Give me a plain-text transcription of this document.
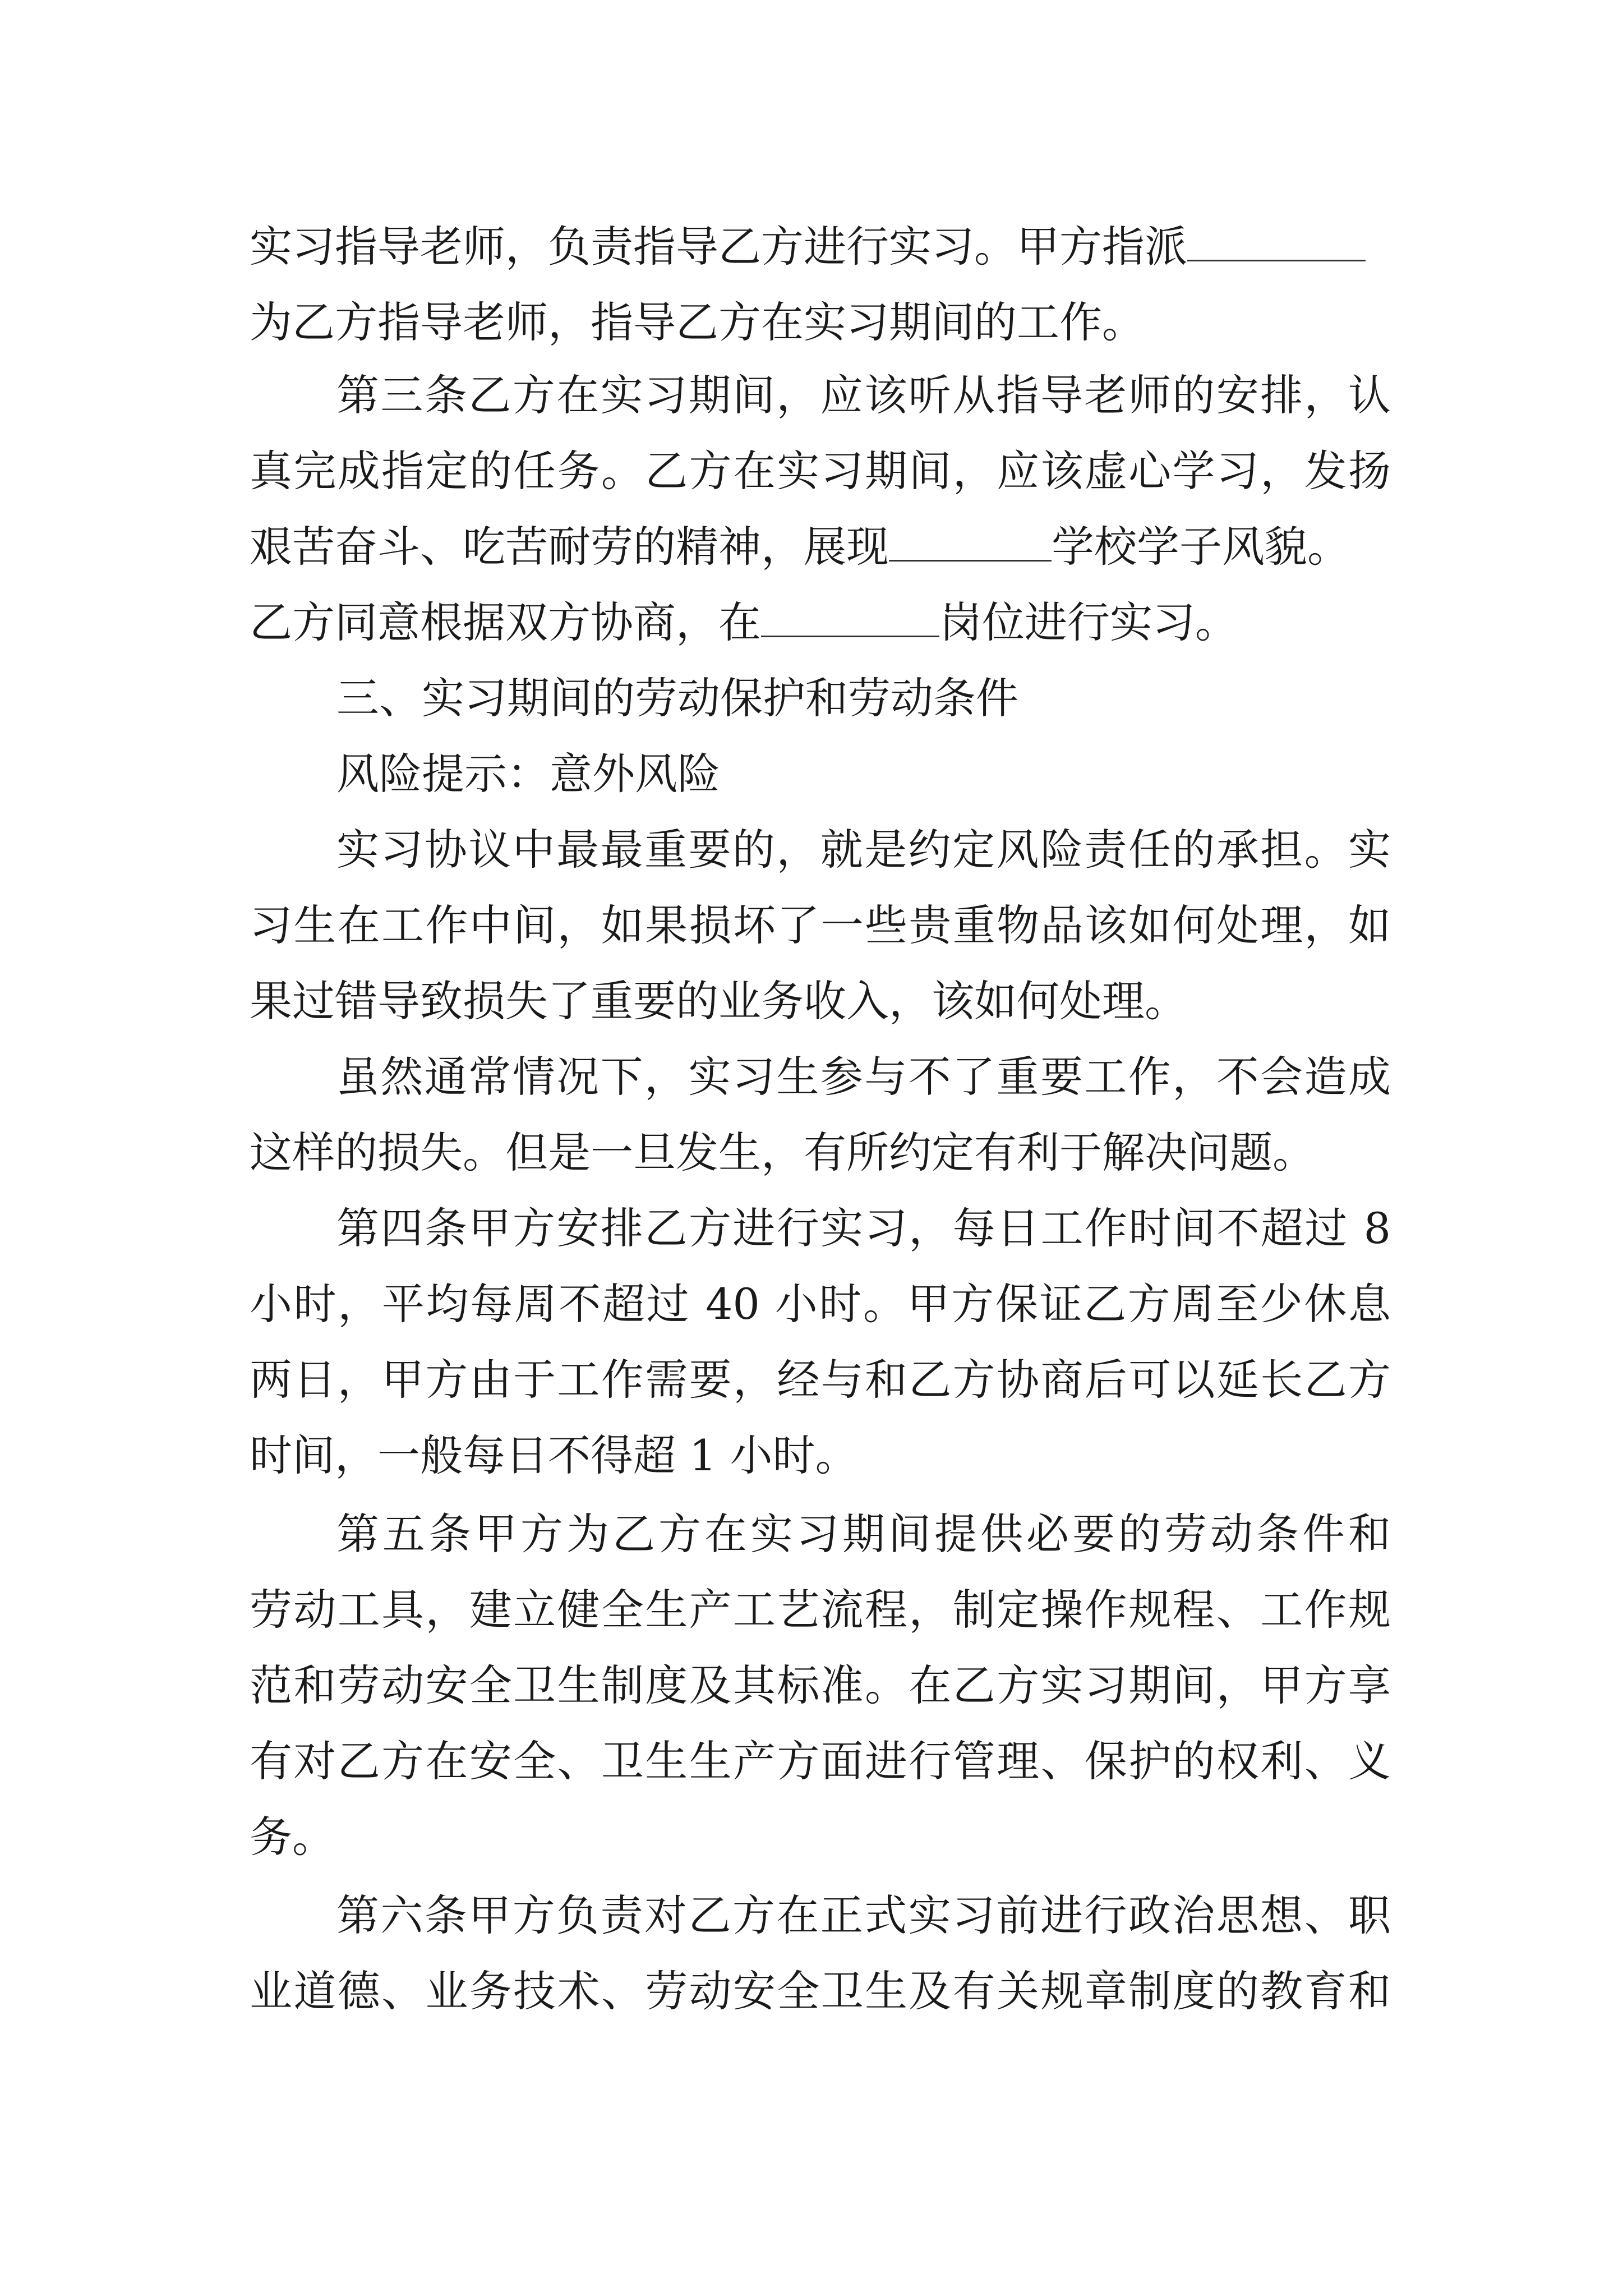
实习指导老师，负责指导乙方进行实习。甲方指派
为乙方指导老师，指导乙方在实习期间的工作。
第三条乙方在实习期间，应该听从指导老师的安排，认
真完成指定的任务。乙方在实习期间，应该虚心学习，发扬
艰苦奋斗、吃苦耐劳的精神，展现	学校学子风貌。
乙方同意根据双方协商，在	岗位进行实习。
三、实习期间的劳动保护和劳动条件
风险提示：意外风险
实习协议中最最重要的，就是约定风险责任的承担。实
习生在工作中间，如果损坏了一些贵重物品该如何处理，如
果过错导致损失了重要的业务收入，该如何处理。
虽然通常情况下，实习生参与不了重要工作，不会造成
这样的损失。但是一旦发生，有所约定有利于解决问题。
第四条甲方安排乙方进行实习，每日工作时间不超过 8
小时，平均每周不超过 40 小时。甲方保证乙方周至少休息
两日，甲方由于工作需要，经与和乙方协商后可以延长乙方
时间，一般每日不得超 1 小时。
第五条甲方为乙方在实习期间提供必要的劳动条件和
劳动工具，建立健全生产工艺流程，制定操作规程、工作规
范和劳动安全卫生制度及其标准。在乙方实习期间，甲方享
有对乙方在安全、卫生生产方面进行管理、保护的权利、义
务。
第六条甲方负责对乙方在正式实习前进行政治思想、职
业道德、业务技术、劳动安全卫生及有关规章制度的教育和
